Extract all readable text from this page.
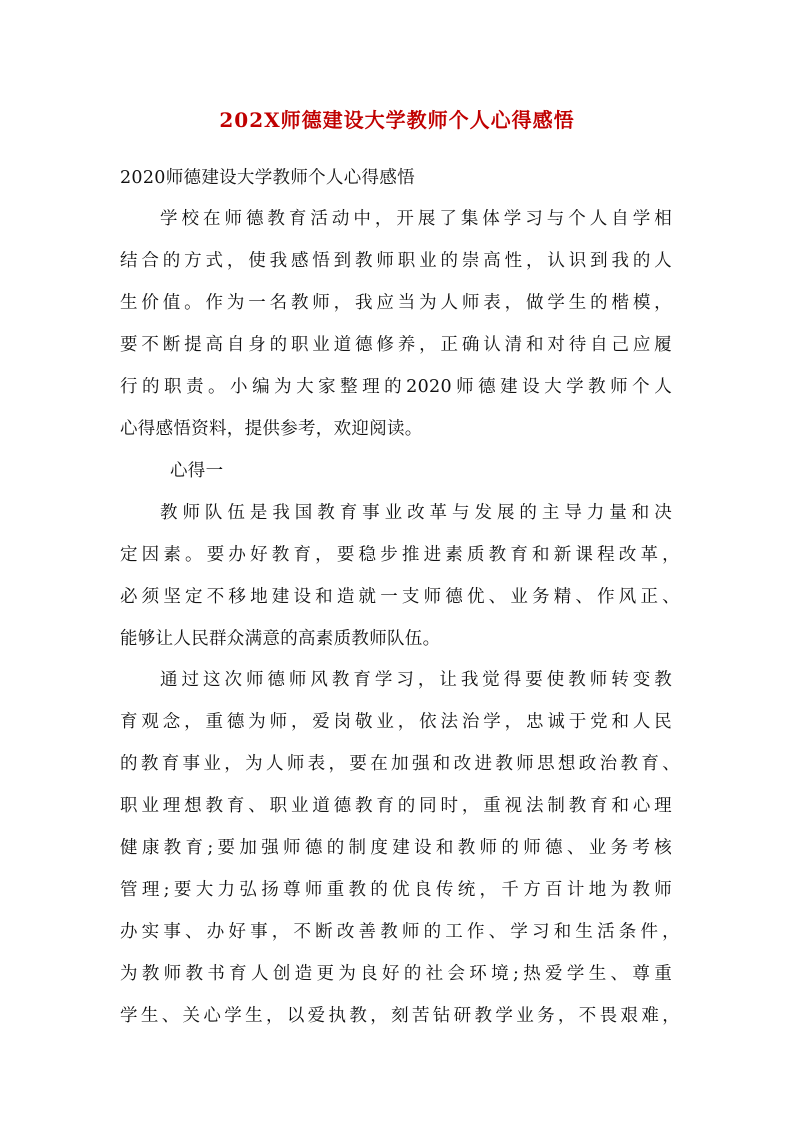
202X师德建设大学教师个人心得感悟
2020师德建设大学教师个人心得感悟
学校在师德教育活动中，开展了集体学习与个人自学相
结合的方式，使我感悟到教师职业的崇高性，认识到我的人
生价值。作为一名教师，我应当为人师表，做学生的楷模，
要不断提高自身的职业道德修养，正确认清和对待自己应履
行的职责。小编为大家整理的2020师德建设大学教师个人
心得感悟资料，提供参考，欢迎阅读。
心得一
教师队伍是我国教育事业改革与发展的主导力量和决
定因素。要办好教育，要稳步推进素质教育和新课程改革，
必须坚定不移地建设和造就一支师德优、业务精、作风正、
能够让人民群众满意的高素质教师队伍。
通过这次师德师风教育学习，让我觉得要使教师转变教
育观念，重德为师，爱岗敬业，依法治学，忠诚于党和人民
的教育事业，为人师表，要在加强和改进教师思想政治教育、
职业理想教育、职业道德教育的同时，重视法制教育和心理
健康教育;要加强师德的制度建设和教师的师德、业务考核
管理;要大力弘扬尊师重教的优良传统，千方百计地为教师
办实事、办好事，不断改善教师的工作、学习和生活条件，
为教师教书育人创造更为良好的社会环境;热爱学生、尊重
学生、关心学生，以爱执教，刻苦钻研教学业务，不畏艰难，
